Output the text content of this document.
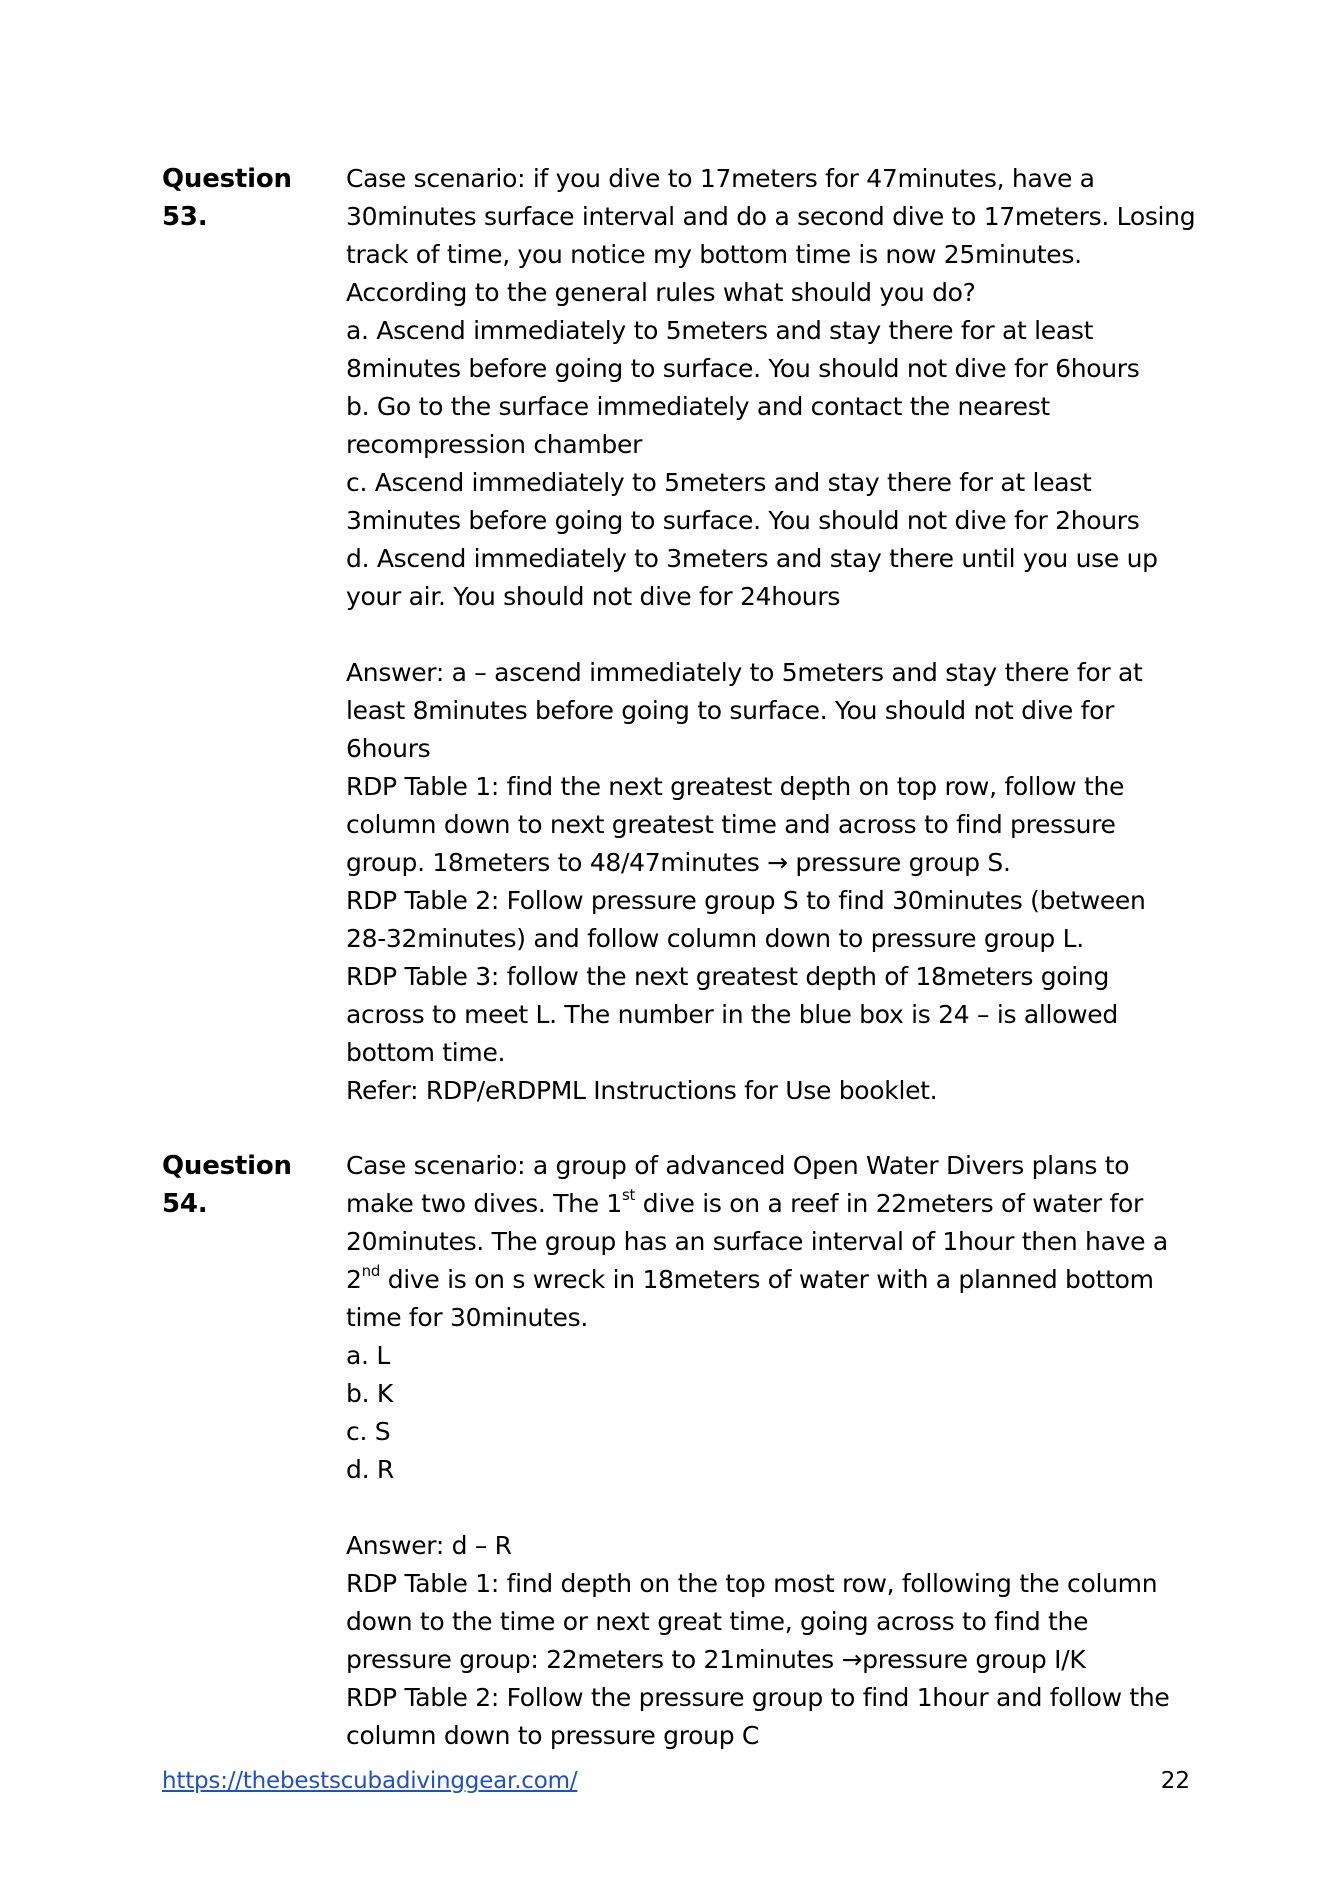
Question 53.
Case scenario: if you dive to 17meters for 47minutes, have a
30minutes surface interval and do a second dive to 17meters. Losing
track of time, you notice my bottom time is now 25minutes.
According to the general rules what should you do?
a. Ascend immediately to 5meters and stay there for at least
8minutes before going to surface. You should not dive for 6hours
b. Go to the surface immediately and contact the nearest
recompression chamber
c. Ascend immediately to 5meters and stay there for at least
3minutes before going to surface. You should not dive for 2hours
d. Ascend immediately to 3meters and stay there until you use up
your air. You should not dive for 24hours
Answer: a – ascend immediately to 5meters and stay there for at
least 8minutes before going to surface. You should not dive for
6hours
RDP Table 1: find the next greatest depth on top row, follow the
column down to next greatest time and across to find pressure
group. 18meters to 48/47minutes → pressure group S.
RDP Table 2: Follow pressure group S to find 30minutes (between
28-32minutes) and follow column down to pressure group L.
RDP Table 3: follow the next greatest depth of 18meters going
across to meet L. The number in the blue box is 24 – is allowed
bottom time.
Refer: RDP/eRDPML Instructions for Use booklet.
Question 54.
Case scenario: a group of advanced Open Water Divers plans to
make two dives. The 1st dive is on a reef in 22meters of water for
20minutes. The group has an surface interval of 1hour then have a
2nd dive is on s wreck in 18meters of water with a planned bottom
time for 30minutes.
a. L
b. K
c. S
d. R
Answer: d – R
RDP Table 1: find depth on the top most row, following the column
down to the time or next great time, going across to find the
pressure group: 22meters to 21minutes →pressure group I/K
RDP Table 2: Follow the pressure group to find 1hour and follow the
column down to pressure group C
https://thebestscubadivinggear.com/	22
